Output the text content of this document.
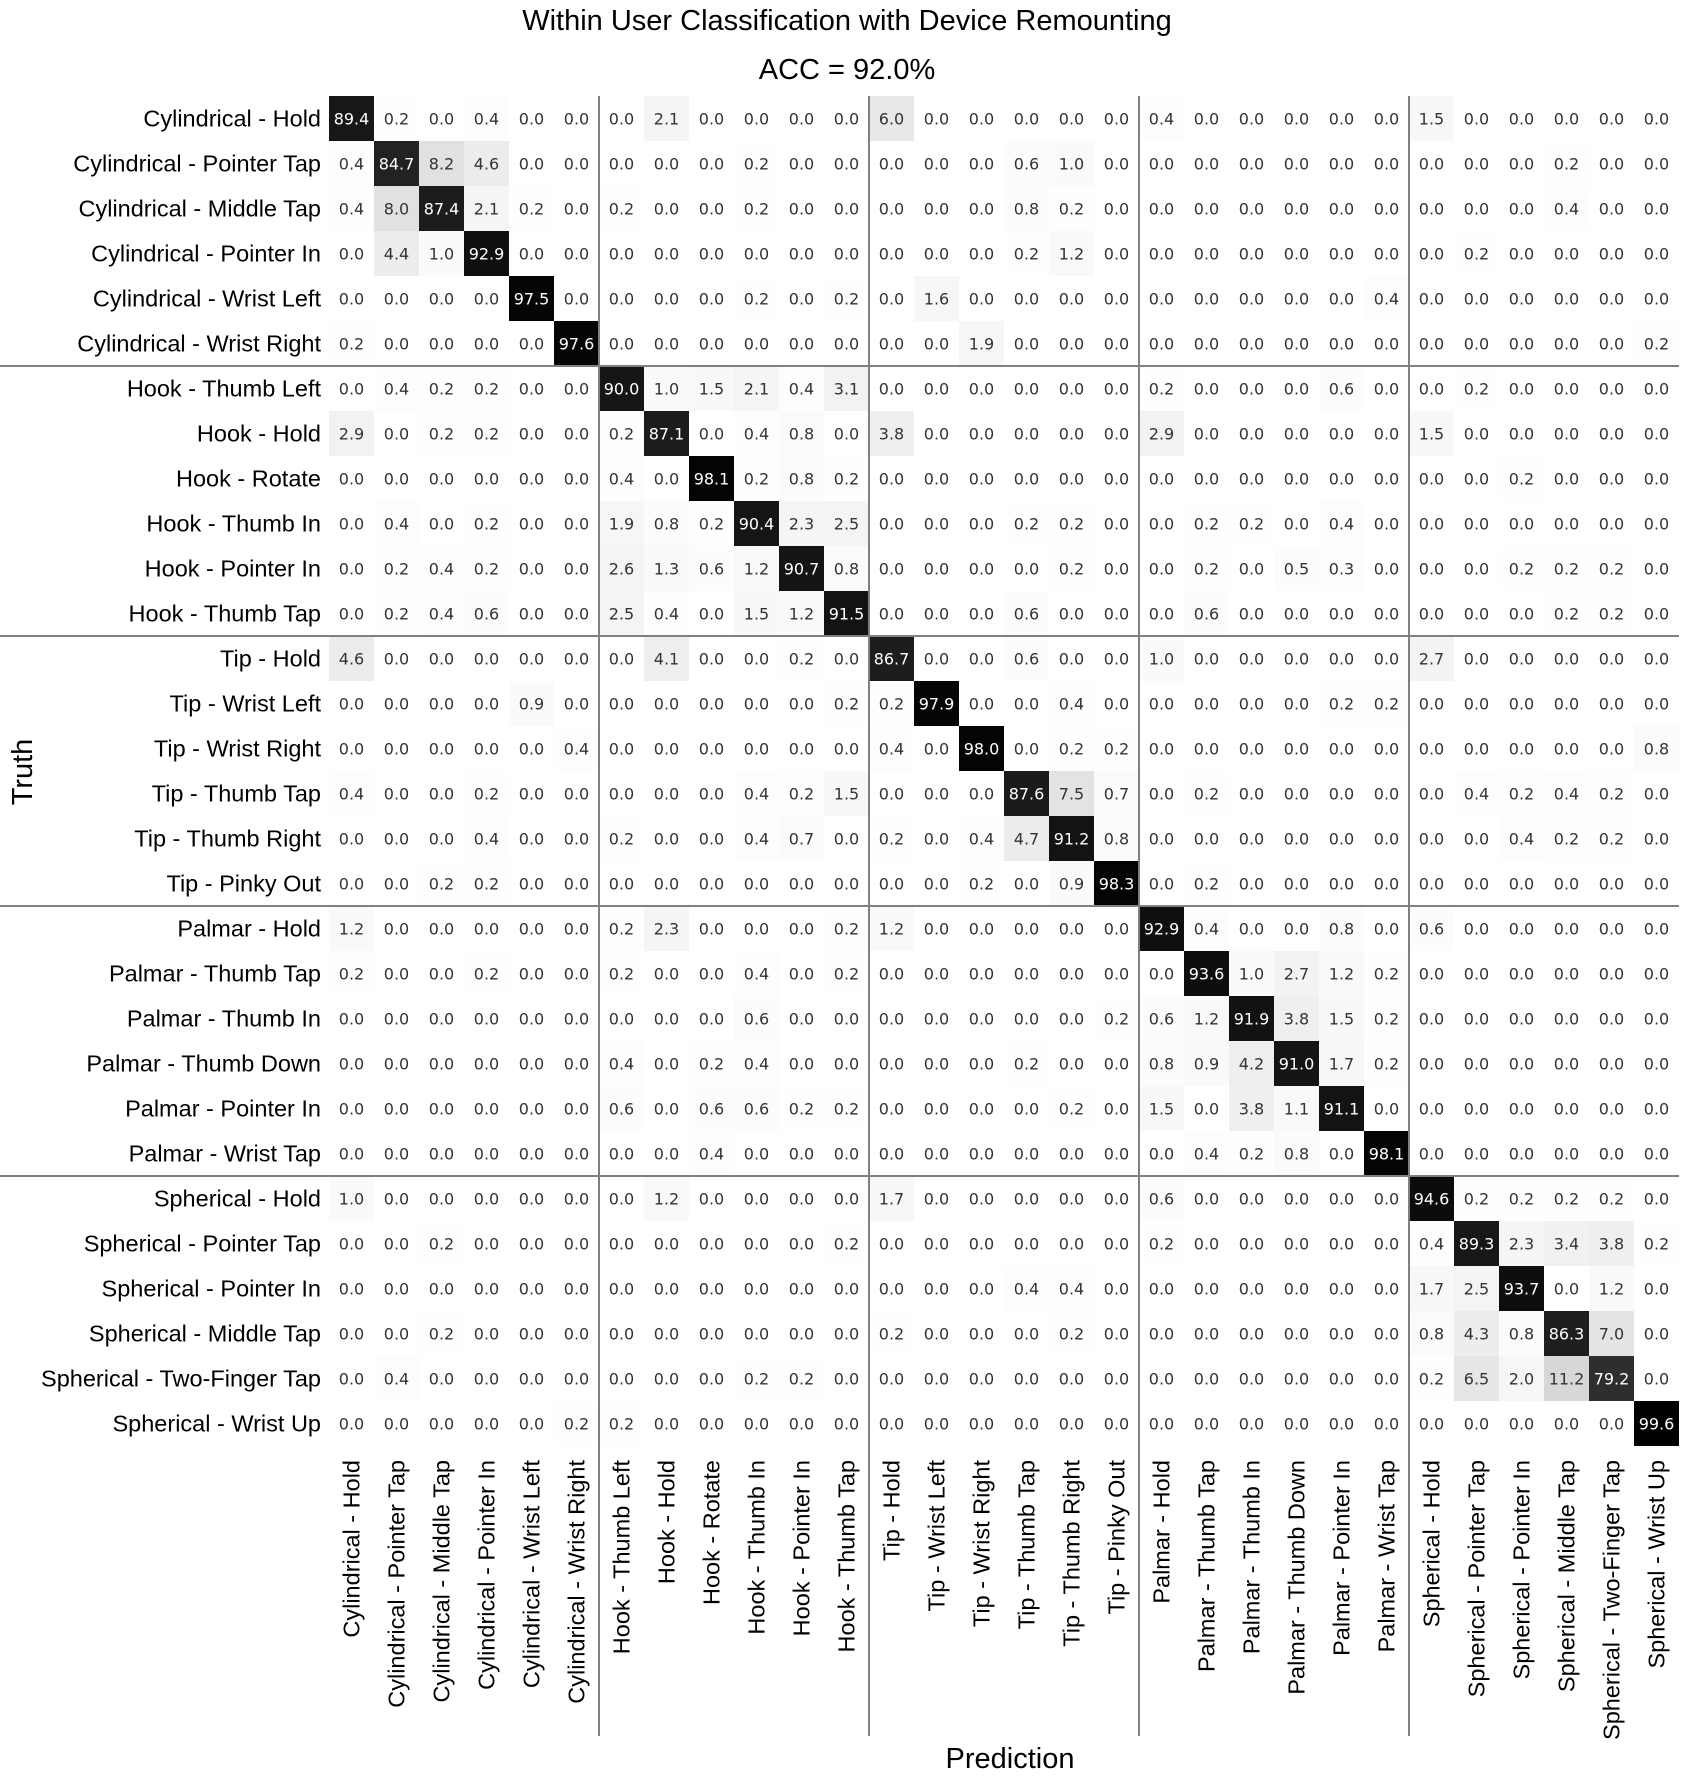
Within User Classification with Device Remounting
ACC = 92.0%
89.4 0.2 0.0 0.4 0.0 0.0 0.0 2.1 0.0 0.0 0.0 0.0 6.0 0.0 0.0 0.0 0.0 0.0 0.4 0.0 0.0 0.0 0.0 0.0 1.5 0.0 0.0 0.0 0.0 0.0
0.4 84.7 8.2 4.6 0.0 0.0 0.0 0.0 0.0 0.2 0.0 0.0 0.0 0.0 0.0 0.6 1.0 0.0 0.0 0.0 0.0 0.0 0.0 0.0 0.0 0.0 0.0 0.2 0.0 0.0
0.4 8.0 87.4 2.1 0.2 0.0 0.2 0.0 0.0 0.2 0.0 0.0 0.0 0.0 0.0 0.8 0.2 0.0 0.0 0.0 0.0 0.0 0.0 0.0 0.0 0.0 0.0 0.4 0.0 0.0
0.0 4.4 1.0 92.9 0.0 0.0 0.0 0.0 0.0 0.0 0.0 0.0 0.0 0.0 0.0 0.2 1.2 0.0 0.0 0.0 0.0 0.0 0.0 0.0 0.0 0.2 0.0 0.0 0.0 0.0
0.0 0.0 0.0 0.0 97.5 0.0 0.0 0.0 0.0 0.2 0.0 0.2 0.0 1.6 0.0 0.0 0.0 0.0 0.0 0.0 0.0 0.0 0.0 0.4 0.0 0.0 0.0 0.0 0.0 0.0
0.2 0.0 0.0 0.0 0.0 97.6 0.0 0.0 0.0 0.0 0.0 0.0 0.0 0.0 1.9 0.0 0.0 0.0 0.0 0.0 0.0 0.0 0.0 0.0 0.0 0.0 0.0 0.0 0.0 0.2
0.0 0.4 0.2 0.2 0.0 0.0 90.0 1.0 1.5 2.1 0.4 3.1 0.0 0.0 0.0 0.0 0.0 0.0 0.2 0.0 0.0 0.0 0.6 0.0 0.0 0.2 0.0 0.0 0.0 0.0
2.9 0.0 0.2 0.2 0.0 0.0 0.2 87.1 0.0 0.4 0.8 0.0 3.8 0.0 0.0 0.0 0.0 0.0 2.9 0.0 0.0 0.0 0.0 0.0 1.5 0.0 0.0 0.0 0.0 0.0
0.0 0.0 0.0 0.0 0.0 0.0 0.4 0.0 98.1 0.2 0.8 0.2 0.0 0.0 0.0 0.0 0.0 0.0 0.0 0.0 0.0 0.0 0.0 0.0 0.0 0.0 0.2 0.0 0.0 0.0
0.0 0.4 0.0 0.2 0.0 0.0 1.9 0.8 0.2 90.4 2.3 2.5 0.0 0.0 0.0 0.2 0.2 0.0 0.0 0.2 0.2 0.0 0.4 0.0 0.0 0.0 0.0 0.0 0.0 0.0
0.0 0.2 0.4 0.2 0.0 0.0 2.6 1.3 0.6 1.2 90.7 0.8 0.0 0.0 0.0 0.0 0.2 0.0 0.0 0.2 0.0 0.5 0.3 0.0 0.0 0.0 0.2 0.2 0.2 0.0
0.0 0.2 0.4 0.6 0.0 0.0 2.5 0.4 0.0 1.5 1.2 91.5 0.0 0.0 0.0 0.6 0.0 0.0 0.0 0.6 0.0 0.0 0.0 0.0 0.0 0.0 0.0 0.2 0.2 0.0
4.6 0.0 0.0 0.0 0.0 0.0 0.0 4.1 0.0 0.0 0.2 0.0 86.7 0.0 0.0 0.6 0.0 0.0 1.0 0.0 0.0 0.0 0.0 0.0 2.7 0.0 0.0 0.0 0.0 0.0
0.0 0.0 0.0 0.0 0.9 0.0 0.0 0.0 0.0 0.0 0.0 0.2 0.2 97.9 0.0 0.0 0.4 0.0 0.0 0.0 0.0 0.0 0.2 0.2 0.0 0.0 0.0 0.0 0.0 0.0
0.0 0.0 0.0 0.0 0.0 0.4 0.0 0.0 0.0 0.0 0.0 0.0 0.4 0.0 98.0 0.0 0.2 0.2 0.0 0.0 0.0 0.0 0.0 0.0 0.0 0.0 0.0 0.0 0.0 0.8
0.4 0.0 0.0 0.2 0.0 0.0 0.0 0.0 0.0 0.4 0.2 1.5 0.0 0.0 0.0 87.6 7.5 0.7 0.0 0.2 0.0 0.0 0.0 0.0 0.0 0.4 0.2 0.4 0.2 0.0
0.0 0.0 0.0 0.4 0.0 0.0 0.2 0.0 0.0 0.4 0.7 0.0 0.2 0.0 0.4 4.7 91.2 0.8 0.0 0.0 0.0 0.0 0.0 0.0 0.0 0.0 0.4 0.2 0.2 0.0
0.0 0.0 0.2 0.2 0.0 0.0 0.0 0.0 0.0 0.0 0.0 0.0 0.0 0.0 0.2 0.0 0.9 98.3 0.0 0.2 0.0 0.0 0.0 0.0 0.0 0.0 0.0 0.0 0.0 0.0
1.2 0.0 0.0 0.0 0.0 0.0 0.2 2.3 0.0 0.0 0.0 0.2 1.2 0.0 0.0 0.0 0.0 0.0 92.9 0.4 0.0 0.0 0.8 0.0 0.6 0.0 0.0 0.0 0.0 0.0
0.2 0.0 0.0 0.2 0.0 0.0 0.2 0.0 0.0 0.4 0.0 0.2 0.0 0.0 0.0 0.0 0.0 0.0 0.0 93.6 1.0 2.7 1.2 0.2 0.0 0.0 0.0 0.0 0.0 0.0
0.0 0.0 0.0 0.0 0.0 0.0 0.0 0.0 0.0 0.6 0.0 0.0 0.0 0.0 0.0 0.0 0.0 0.2 0.6 1.2 91.9 3.8 1.5 0.2 0.0 0.0 0.0 0.0 0.0 0.0
0.0 0.0 0.0 0.0 0.0 0.0 0.4 0.0 0.2 0.4 0.0 0.0 0.0 0.0 0.0 0.2 0.0 0.0 0.8 0.9 4.2 91.0 1.7 0.2 0.0 0.0 0.0 0.0 0.0 0.0
0.0 0.0 0.0 0.0 0.0 0.0 0.6 0.0 0.6 0.6 0.2 0.2 0.0 0.0 0.0 0.0 0.2 0.0 1.5 0.0 3.8 1.1 91.1 0.0 0.0 0.0 0.0 0.0 0.0 0.0
0.0 0.0 0.0 0.0 0.0 0.0 0.0 0.0 0.4 0.0 0.0 0.0 0.0 0.0 0.0 0.0 0.0 0.0 0.0 0.4 0.2 0.8 0.0 98.1 0.0 0.0 0.0 0.0 0.0 0.0
1.0 0.0 0.0 0.0 0.0 0.0 0.0 1.2 0.0 0.0 0.0 0.0 1.7 0.0 0.0 0.0 0.0 0.0 0.6 0.0 0.0 0.0 0.0 0.0 94.6 0.2 0.2 0.2 0.2 0.0
0.0 0.0 0.2 0.0 0.0 0.0 0.0 0.0 0.0 0.0 0.0 0.2 0.0 0.0 0.0 0.0 0.0 0.0 0.2 0.0 0.0 0.0 0.0 0.0 0.4 89.3 2.3 3.4 3.8 0.2
0.0 0.0 0.0 0.0 0.0 0.0 0.0 0.0 0.0 0.0 0.0 0.0 0.0 0.0 0.0 0.4 0.4 0.0 0.0 0.0 0.0 0.0 0.0 0.0 1.7 2.5 93.7 0.0 1.2 0.0
0.0 0.0 0.2 0.0 0.0 0.0 0.0 0.0 0.0 0.0 0.0 0.0 0.2 0.0 0.0 0.0 0.2 0.0 0.0 0.0 0.0 0.0 0.0 0.0 0.8 4.3 0.8 86.3 7.0 0.0
0.0 0.4 0.0 0.0 0.0 0.0 0.0 0.0 0.0 0.2 0.2 0.0 0.0 0.0 0.0 0.0 0.0 0.0 0.0 0.0 0.0 0.0 0.0 0.0 0.2 6.5 2.0 11.2 79.2 0.0
0.0 0.0 0.0 0.0 0.0 0.2 0.2 0.0 0.0 0.0 0.0 0.0 0.0 0.0 0.0 0.0 0.0 0.0 0.0 0.0 0.0 0.0 0.0 0.0 0.0 0.0 0.0 0.0 0.0 99.6
Cylindrical - Hold
Cylindrical - Pointer Tap
Cylindrical - Middle Tap
Cylindrical - Pointer In
Cylindrical - Wrist Left
Cylindrical - Wrist Right
Hook - Thumb Left
Hook - Hold
Hook - Rotate
Hook - Thumb In
Hook - Pointer In
Hook - Thumb Tap
Tip - Hold
Tip - Wrist Left
Tip - Wrist Right
Tip - Thumb Tap
Tip - Thumb Right
Tip - Pinky Out
Palmar - Hold
Palmar - Thumb Tap
Palmar - Thumb In
Palmar - Thumb Down
Palmar - Pointer In
Palmar - Wrist Tap
Spherical - Hold
Spherical - Pointer Tap
Spherical - Pointer In
Spherical - Middle Tap
Spherical - Two-Finger Tap
Spherical - Wrist Up
Cylindrical - Hold Cylindrical - Pointer Tap Cylindrical - Middle Tap Cylindrical - Pointer In Cylindrical - Wrist Left Cylindrical - Wrist Right Hook - Thumb Left Hook - Hold Hook - Rotate Hook - Thumb In Hook - Pointer In Hook - Thumb Tap Tip - Hold Tip - Wrist Left Tip - Wrist Right Tip - Thumb Tap Tip - Thumb Right Tip - Pinky Out Palmar - Hold Palmar - Thumb Tap Palmar - Thumb In Palmar - Thumb Down Palmar - Pointer In Palmar - Wrist Tap Spherical - Hold Spherical - Pointer Tap Spherical - Pointer In Spherical - Middle Tap Spherical - Two-Finger Tap Spherical - Wrist Up
Prediction
Truth
